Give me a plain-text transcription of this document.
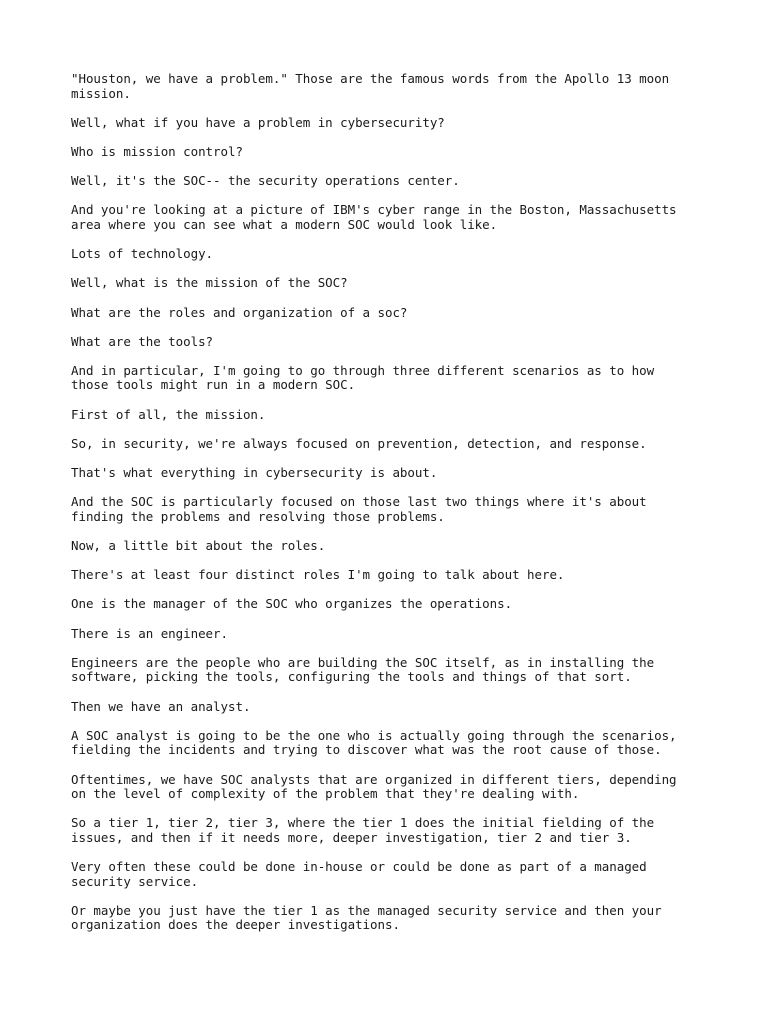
"Houston, we have a problem." Those are the famous words from the Apollo 13 moon
mission.

Well, what if you have a problem in cybersecurity?

Who is mission control?

Well, it's the SOC-- the security operations center.

And you're looking at a picture of IBM's cyber range in the Boston, Massachusetts
area where you can see what a modern SOC would look like.

Lots of technology.

Well, what is the mission of the SOC?

What are the roles and organization of a soc?

What are the tools?

And in particular, I'm going to go through three different scenarios as to how
those tools might run in a modern SOC.

First of all, the mission.

So, in security, we're always focused on prevention, detection, and response.

That's what everything in cybersecurity is about.

And the SOC is particularly focused on those last two things where it's about
finding the problems and resolving those problems.

Now, a little bit about the roles.

There's at least four distinct roles I'm going to talk about here.

One is the manager of the SOC who organizes the operations.

There is an engineer.

Engineers are the people who are building the SOC itself, as in installing the
software, picking the tools, configuring the tools and things of that sort.

Then we have an analyst.

A SOC analyst is going to be the one who is actually going through the scenarios,
fielding the incidents and trying to discover what was the root cause of those.

Oftentimes, we have SOC analysts that are organized in different tiers, depending
on the level of complexity of the problem that they're dealing with.

So a tier 1, tier 2, tier 3, where the tier 1 does the initial fielding of the
issues, and then if it needs more, deeper investigation, tier 2 and tier 3.

Very often these could be done in-house or could be done as part of a managed
security service.

Or maybe you just have the tier 1 as the managed security service and then your
organization does the deeper investigations.
